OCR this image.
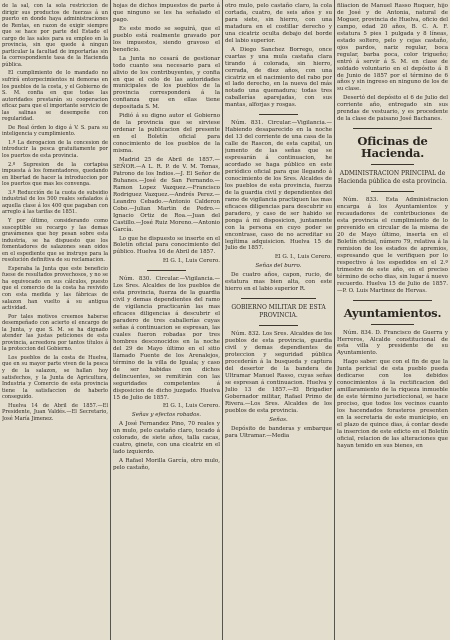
de la sal, con la sola restriccion de dirigir sus productos de fuerzas á un puerto en donde haya administraciones de Rentas, en razon de exigir siempre que se hace por parte del Estado el cargo de las sales para su empleo en la provincia, sin que quede á ningun particular la facultad de importarlas sin la correspondiente tasa de la Hacienda pública.

El cumplimiento de lo mandado no sufrirá entorpecimientos ni demoras en los pueblos de la costa, y el Gobierno de S. M. confia en que todas las autoridades prestarán su cooperacion eficaz para que el importante servicio de las salinas se desempeñe con regularidad.

De Real órden lo digo á V. S. para su inteligencia y cumplimiento.

1.º La derogacion de la concesion de introducir la pesca gratuitamente por los puertos de esta provincia.

2.º Supresion de la cortapisa impuesta á los fomentadores, quedando en libertad de hacer la introduccion por los puertos que mas les convenga.

3.º Reducción de la cuota de subsidio industrial de los 500 reales señalados á aquella clase á los 400 que pagaban con arreglo á las tarifas de 1851.

Y por último, considerando como susceptible su recargo y las demas gravámenes que hoy pesan sobre esta industria, se ha dispuesto que los fomentadores de salazones sean oidos en el espediente que se instruye para la resolución definitiva de su reclamacion.

Esperaba la Junta que este beneficio fuese de resultados provechosos, y no se ha equivocado en sus cálculos, puesto que el comercio de la costa ha revivido con esta medida y las fábricas de salazon han vuelto á su antigua actividad.

Por tales motivos creemos haberse desempeñado con acierto el encargo de la Junta, y que S. M. se ha dignado atender las justas peticiones de esta provincia, acreedora por tantos títulos á la proteccion del Gobierno.

Los pueblos de la costa de Huelva, que en su mayor parte viven de la pesca y de la salazon, se hallan hoy satisfechos, y la Junta de Agricultura, Industria y Comercio de esta provincia tiene la satisfaccion de haberlo conseguido.

Huelva 14 de Abril de 1857.—El Presidente, Juan Valdés.—El Secretario, José María Jimenez.

hojas de dichos impuestos de parte á que ninguno se les ha señalado el pago.

Es este modo se seguirá, que el pueblo está realmente gravado por los impuestos, siendo gravoso el beneficio.

La Junta no cesará de gestionar todo cuanto sea necesario para el alivio de los contribuyentes, y confia en que el celo de las autoridades municipales de los pueblos de la provincia corresponderá á la confianza que en ellas tiene depositada S. M.

Pidió á su digno autor el Gobierno de la provincia que se sirviese ordenar la publicacion del presente en el Boletín oficial para conocimiento de los pueblos de la misma.

Madrid 25 de Abril de 1857.—SEÑOR.—A L. R. P. de V. M. Tomas, Patrono de los Indios.—J. El Señor de Buhanes.—José de San Fernando.—Ramon Lopez Vazquez.—Francisco Rodriguez Vazquez.—Andrés Perez.—Leandro Cebado.—Antonio Calderon Cobo.—Julian Martin de Pedro.—Ignacio Ortiz de Roa.—Juan del Castillo.—José Ruiz Moreno.—Antonio García.

Lo que he dispuesto se inserte en el Boletín oficial para conocimiento del público. Huelva 16 de Abril de 1857.

El G. I., Luis Cerero.

Núm. 830. Circular.—Vigilancia.—Los Sres. Alcaldes de los pueblos de esta provincia, fuerza de la guardia civil y demas dependientes del ramo de vigilancia practicarán las mas eficaces diligencias á descubrir el paradero de tres caballerías cuyas señas á continuacion se espresan, las cuales fueron robadas por tres hombres desconocidos en la noche del 29 de Mayo último en el sitio llamado Fuente de los Arenalejos, término de la villa de Iguala; y caso de ser habidas con dichos delincuentes, se remitirán con las seguridades competentes á disposicion de dicho juzgado. Huelva 15 de Julio de 1857.

El G. I., Luis Cerero.

Señas y efectos robados.

A José Fernandez Pino, 70 reales y un mulo, pelo castaño claro, tocado á colorado, de siete años, talla cacas, cuatro, ginete, con una cicatriz en el lado izquierdo.

A Rafael Morilla García, otro mulo, pelo castaño,

otro mulo, pelo castaño claro, la cola cortada, cuatro, de seis años y su para siete, sin hierro, con una matadura en el costillar derecho y una cicatriz oculta debajo del borde del labio superior.

A Diego Sanchez Borrego, once cuartas y una mula castaña clara tirando á colorada, sin hierro, cerrada, de diez años, con una cicatriz en el nacimiento del rabo por el lado derecho, en la nueva del más notado una quemadura; todas tres caballerías aparejadas, con sus mantas, alforjas y rosgas.

Núm. 831. Circular.—Vigilancia.—Habiendo desaparecido en la noche del 13 del corriente de una casa de la calle de Rascon, de esta capital, un jumento de las señas que se espresarán á continuacion, he acordado se haga público en este periódico oficial para que llegando á conocimiento de los Sres. Alcaldes de los pueblos de esta provincia, fuerza de la guardia civil y dependientes del ramo de vigilancia practiquen las mas eficaces diligencias para descubrir su paradero, y caso de ser habido se ponga á mi disposicion, juntamente con la persona en cuyo poder se encontrase, caso de no acreditar su legítima adquisicion. Huelva 15 de Julio de 1857.

El G. I., Luis Cerero.

Señas del burro.

De cuatro años, capon, rucio, de estatura mas bien alta, con este hierro en el labio superior R.

GOBIERNO MILITAR DE ESTA PROVINCIA.

Núm. 832. Los Sres. Alcaldes de los pueblos de esta provincia, guardia civil y demas dependientes de proteccion y seguridad pública procederán á la busqueda y captura del desertor de la bandera de Ultramar Manuel Rasso, cuyas señas se espresan á continuacion. Huelva y Julio 13 de 1857.—El Brigadier Gobernador militar, Rafael Primo de Rivera.—Los Sres. Alcaldes de los pueblos de esta provincia.

Señas.

Depósito de banderas y embarque para Ultramar.—Media

filiacion de Manuel Rasso Ruquer, hijo de José y de Antonia, natural de Moguer, provincia de Huelva, oficio del campo, edad 20 años, B. C. A. F. estatura 5 pies 1 pulgada y 8 líneas, estado soltero, pelo y cejas castaño, ojos pardos, nariz regular, boca regular, barba poca, color trigueño; entró á servir á S. M. en clase de soldado voluntario en el depósito á 8 de Junio de 1857 por el término de 6 años y sin ingreso en ninguno de los de su clase.

Desertó del depósito el 6 de Julio del corriente año, entregado sin sus prendas de vestuario, y es procedente de la clase de paisano José Bachanes.

Oficinas de Hacienda.
ADMINISTRACION PRINCIPAL de Hacienda pública de esta provincia.

Núm. 833. Esta Administracion encarga á los Ayuntamientos y recaudadores de contribuciones de esta provincia el cumplimiento de lo prevenido en circular de la misma de 20 de Mayo último, inserta en el Boletín oficial, número 79, relativa á la remision de los estados de apremios, espresando que le verifiquen por lo respectivo á los espedidos en el 2.º trimestre de este año, en el preciso término de ocho dias, sin lugar á nuevo recuerdo. Huelva 15 de Julio de 1857.—P. O. Luis Martinez de Hervas.

Ayuntamientos.

Núm. 834. D. Francisco de Guerra y Herreros, Alcalde constitucional de esta villa y presidente de su Ayuntamiento.

Hago saber: que con el fin de que la Junta pericial de esta pueblo pueda dedicarse con los debidos conocimientos á la rectificacion del amillaramiento de la riqueza inmueble de este término jurisdiccional, se hace preciso, que todos los vecinos cuanto los hacendados forasteros presenten en la secretaria de este municipio, en el plazo de quince dias, á contar desde la insercion de este edicto en el Boletín oficial, relacion de las alteraciones que hayan tenido en sus bienes, en
